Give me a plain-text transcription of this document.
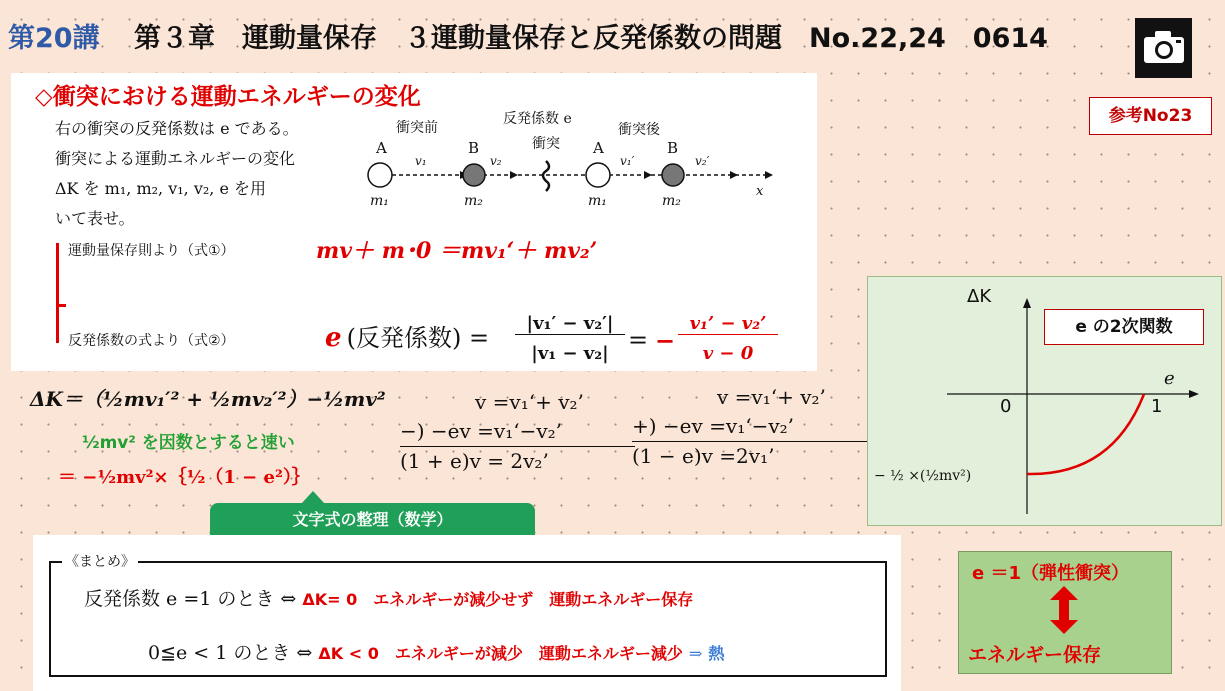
第20講 第３章　運動量保存　３運動量保存と反発係数の問題　No.22,24　0614
参考No23
◇衝突における運動エネルギーの変化
右の衝突の反発係数は e である。
衝突による運動エネルギーの変化
ΔK を m₁, m₂, v₁, v₂, e を用
いて表せ。
衝突前
反発係数 e
衝突後
衝突
x
A
m₁
v₁
B
m₂
v₂
A
m₁
v₁′
B
m₂
v₂′
運動量保存則より（式①）
反発係数の式より（式②）
mv＋ m･0 ＝mv₁‘＋ mv₂’
e (反発係数) =
|v₁′ − v₂′|
|v₁ − v₂| = −
v₁’ − v₂’
v − 0
ΔK＝（½mv₁′² + ½mv₂′²）−½mv²
½mv² を因数とすると速い
＝ −½mv²×｛½（1 − e²）｝
v =v₁‘+ v₂’
−) −ev =v₁‘−v₂’
(1 + e)v = 2v₂’
v =v₁‘+ v₂’
+) −ev =v₁‘−v₂’
(1 − e)v =2v₁’
ΔK
e
0	1
− ½ ×(½mv²)
e の2次関数
文字式の整理（数学）
《まとめ》
反発係数 e =1 のとき ⇔ ΔK= 0　エネルギーが減少せず　運動エネルギー保存
0≦e < 1 のとき ⇔ ΔK < 0　エネルギーが減少　運動エネルギー減少 ⇒ 熱
e ＝1（弾性衝突）
エネルギー保存
